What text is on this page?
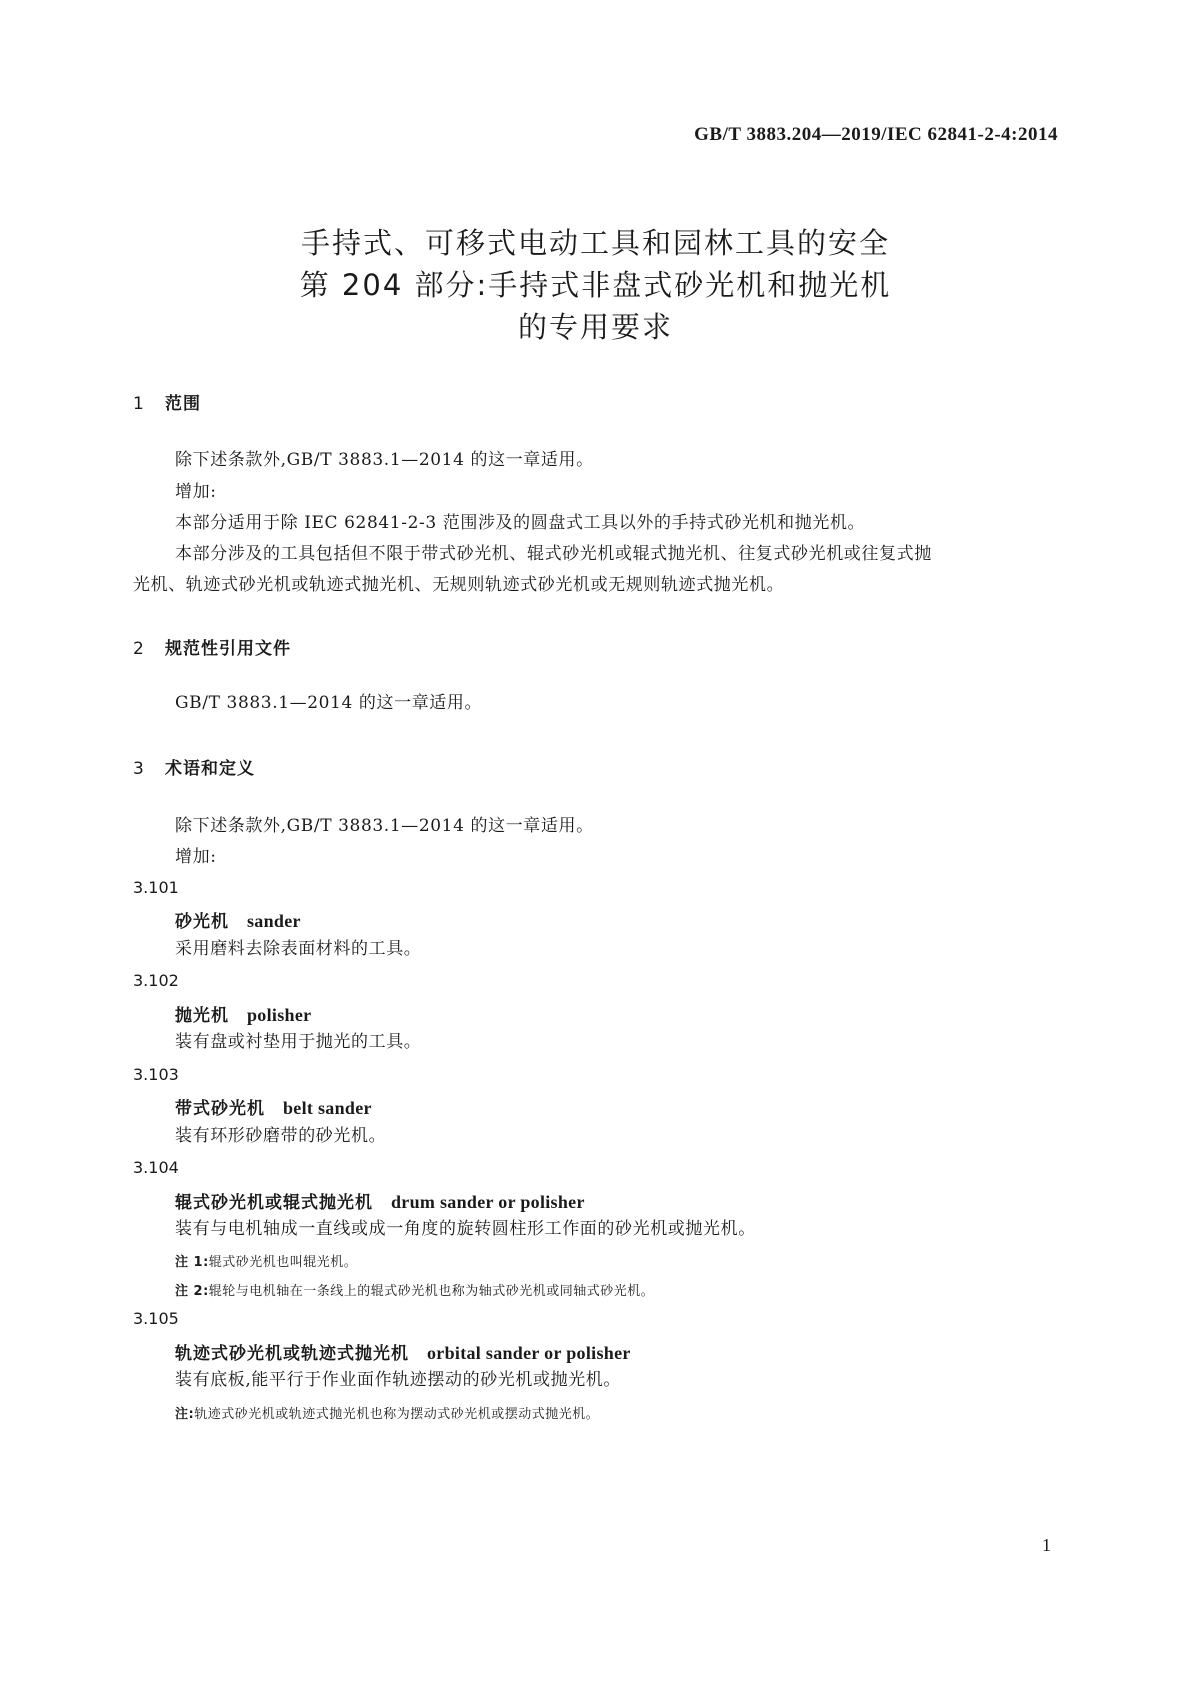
GB/T 3883.204—2019/IEC 62841-2-4:2014
手持式、可移式电动工具和园林工具的安全
第 204 部分:手持式非盘式砂光机和抛光机
的专用要求
1 范围
除下述条款外,GB/T 3883.1—2014 的这一章适用。
增加:
本部分适用于除 IEC 62841-2-3 范围涉及的圆盘式工具以外的手持式砂光机和抛光机。
本部分涉及的工具包括但不限于带式砂光机、辊式砂光机或辊式抛光机、往复式砂光机或往复式抛
光机、轨迹式砂光机或轨迹式抛光机、无规则轨迹式砂光机或无规则轨迹式抛光机。
2 规范性引用文件
GB/T 3883.1—2014 的这一章适用。
3 术语和定义
除下述条款外,GB/T 3883.1—2014 的这一章适用。
增加:
3.101
砂光机 sander
采用磨料去除表面材料的工具。
3.102
抛光机 polisher
装有盘或衬垫用于抛光的工具。
3.103
带式砂光机 belt sander
装有环形砂磨带的砂光机。
3.104
辊式砂光机或辊式抛光机 drum sander or polisher
装有与电机轴成一直线或成一角度的旋转圆柱形工作面的砂光机或抛光机。
注 1:辊式砂光机也叫辊光机。
注 2:辊轮与电机轴在一条线上的辊式砂光机也称为轴式砂光机或同轴式砂光机。
3.105
轨迹式砂光机或轨迹式抛光机 orbital sander or polisher
装有底板,能平行于作业面作轨迹摆动的砂光机或抛光机。
注:轨迹式砂光机或轨迹式抛光机也称为摆动式砂光机或摆动式抛光机。
1
